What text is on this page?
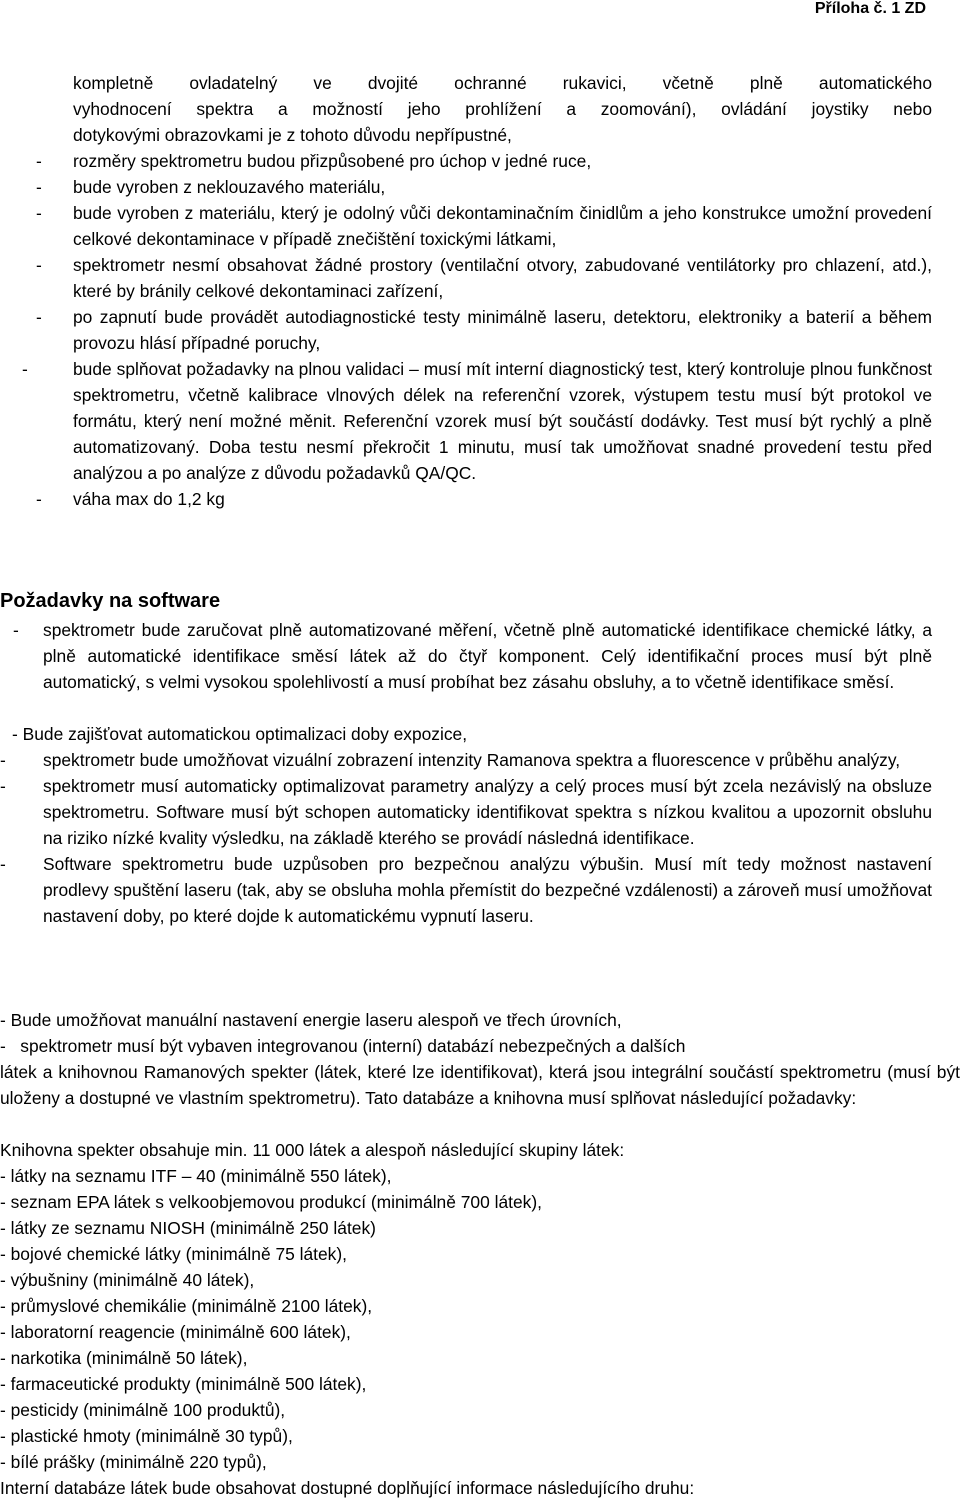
Příloha č. 1 ZD
kompletně ovladatelný ve dvojité ochranné rukavici, včetně plně automatického
vyhodnocení spektra a možností jeho prohlížení a zoomování), ovládání joystiky nebo
dotykovými obrazovkami je z tohoto důvodu nepřípustné,
- rozměry spektrometru budou přizpůsobené pro úchop v jedné ruce,
- bude vyroben z neklouzavého materiálu,
- bude vyroben z materiálu, který je odolný vůči dekontaminačním činidlům a jeho konstrukce umožní provedení celkové dekontaminace v případě znečištění toxickými látkami,
- spektrometr nesmí obsahovat žádné prostory (ventilační otvory, zabudované ventilátorky pro chlazení, atd.), které by bránily celkové dekontaminaci zařízení,
- po zapnutí bude provádět autodiagnostické testy minimálně laseru, detektoru, elektroniky a baterií a během provozu hlásí případné poruchy,
-	bude splňovat požadavky na plnou validaci – musí mít interní diagnostický test, který kontroluje plnou funkčnost spektrometru, včetně kalibrace vlnových délek na referenční vzorek, výstupem testu musí být protokol ve formátu, který není možné měnit. Referenční vzorek musí být součástí dodávky. Test musí být rychlý a plně automatizovaný. Doba testu nesmí překročit 1 minutu, musí tak umožňovat snadné provedení testu před analýzou a po analýze z důvodu požadavků QA/QC.
- váha max do 1,2 kg
Požadavky na software
- spektrometr bude zaručovat plně automatizované měření, včetně plně automatické identifikace chemické látky, a plně automatické identifikace směsí látek až do čtyř komponent. Celý identifikační proces musí být plně automatický, s velmi vysokou spolehlivostí a musí probíhat bez zásahu obsluhy, a to včetně identifikace směsí.
- Bude zajišťovat automatickou optimalizaci doby expozice,
- spektrometr bude umožňovat vizuální zobrazení intenzity Ramanova spektra a fluorescence v průběhu analýzy,
- spektrometr musí automaticky optimalizovat parametry analýzy a celý proces musí být zcela nezávislý na obsluze spektrometru. Software musí být schopen automaticky identifikovat spektra s nízkou kvalitou a upozornit obsluhu na riziko nízké kvality výsledku, na základě kterého se provádí následná identifikace.
- Software spektrometru bude uzpůsoben pro bezpečnou analýzu výbušin. Musí mít tedy možnost nastavení prodlevy spuštění laseru (tak, aby se obsluha mohla přemístit do bezpečné vzdálenosti) a zároveň musí umožňovat nastavení doby, po které dojde k automatickému vypnutí laseru.
- Bude umožňovat manuální nastavení energie laseru alespoň ve třech úrovních,
- spektrometr musí být vybaven integrovanou (interní) databází nebezpečných a dalších
látek a knihovnou Ramanových spekter (látek, které lze identifikovat), která jsou integrální součástí spektrometru (musí být uloženy a dostupné ve vlastním spektrometru). Tato databáze a knihovna musí splňovat následující požadavky:
Knihovna spekter obsahuje min. 11 000 látek a alespoň následující skupiny látek:
- látky na seznamu ITF – 40 (minimálně 550 látek),
- seznam EPA látek s velkoobjemovou produkcí (minimálně 700 látek),
- látky ze seznamu NIOSH (minimálně 250 látek)
- bojové chemické látky (minimálně 75 látek),
- výbušniny (minimálně 40 látek),
- průmyslové chemikálie (minimálně 2100 látek),
- laboratorní reagencie (minimálně 600 látek),
- narkotika (minimálně 50 látek),
- farmaceutické produkty (minimálně 500 látek),
- pesticidy (minimálně 100 produktů),
- plastické hmoty (minimálně 30 typů),
- bílé prášky (minimálně 220 typů),
Interní databáze látek bude obsahovat dostupné doplňující informace následujícího druhu:
